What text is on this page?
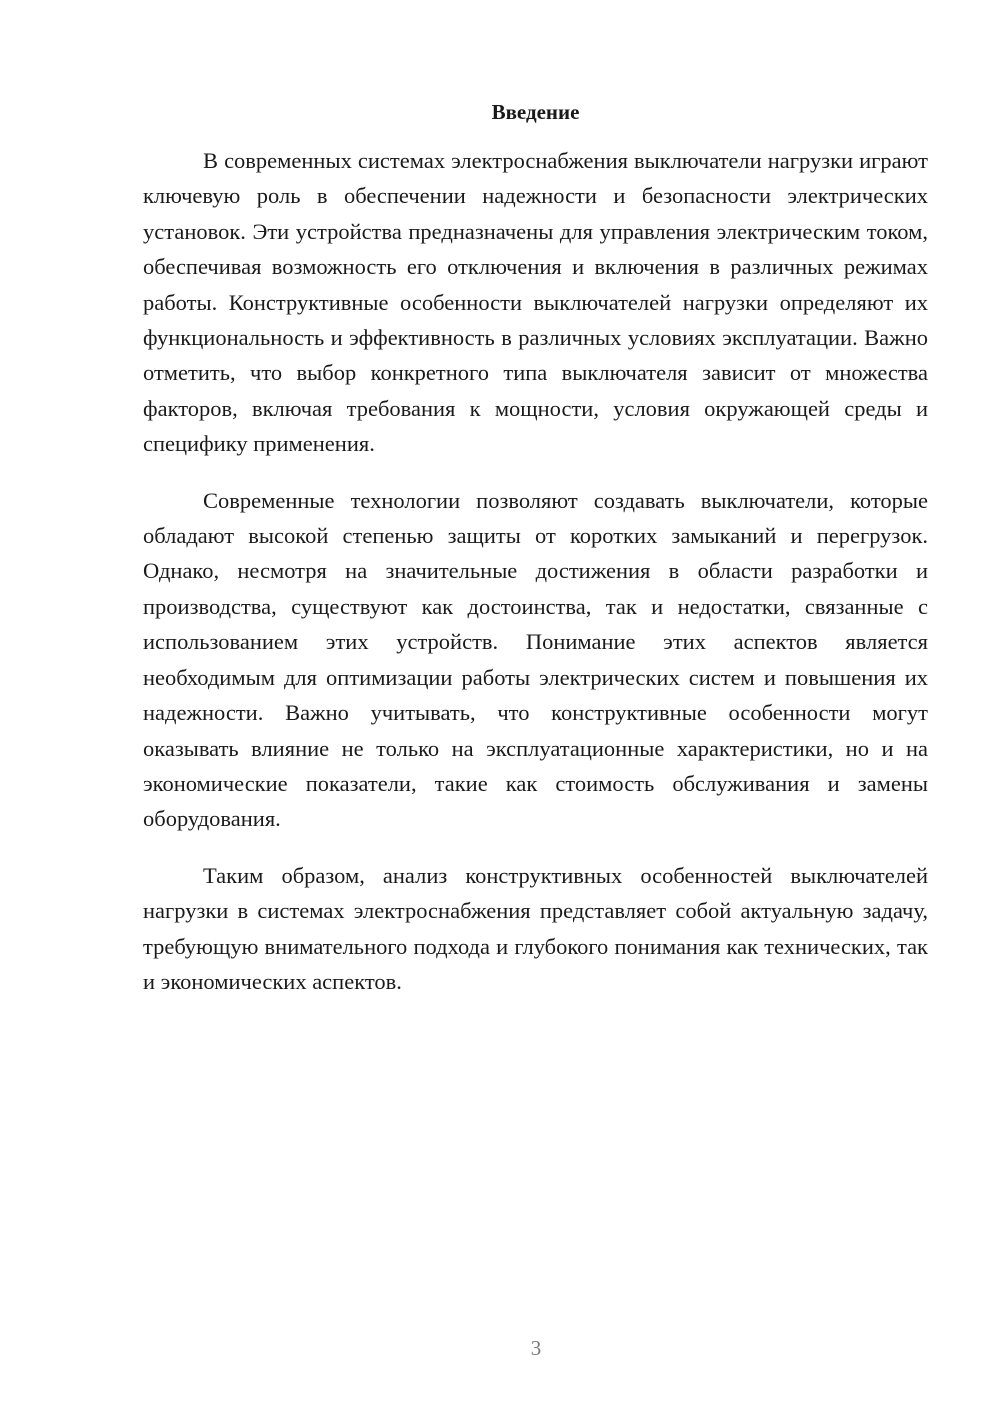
Введение

В современных системах электроснабжения выключатели нагрузки играют ключевую роль в обеспечении надежности и безопасности электрических установок. Эти устройства предназначены для управления электрическим током, обеспечивая возможность его отключения и включения в различных режимах работы. Конструктивные особенности выключателей нагрузки определяют их функциональность и эффективность в различных условиях эксплуатации. Важно отметить, что выбор конкретного типа выключателя зависит от множества факторов, включая требования к мощности, условия окружающей среды и специфику применения.

Современные технологии позволяют создавать выключатели, которые обладают высокой степенью защиты от коротких замыканий и перегрузок. Однако, несмотря на значительные достижения в области разработки и производства, существуют как достоинства, так и недостатки, связанные с использованием этих устройств. Понимание этих аспектов является необходимым для оптимизации работы электрических систем и повышения их надежности. Важно учитывать, что конструктивные особенности могут оказывать влияние не только на эксплуатационные характеристики, но и на экономические показатели, такие как стоимость обслуживания и замены оборудования.

Таким образом, анализ конструктивных особенностей выключателей нагрузки в системах электроснабжения представляет собой актуальную задачу, требующую внимательного подхода и глубокого понимания как технических, так и экономических аспектов.

3
